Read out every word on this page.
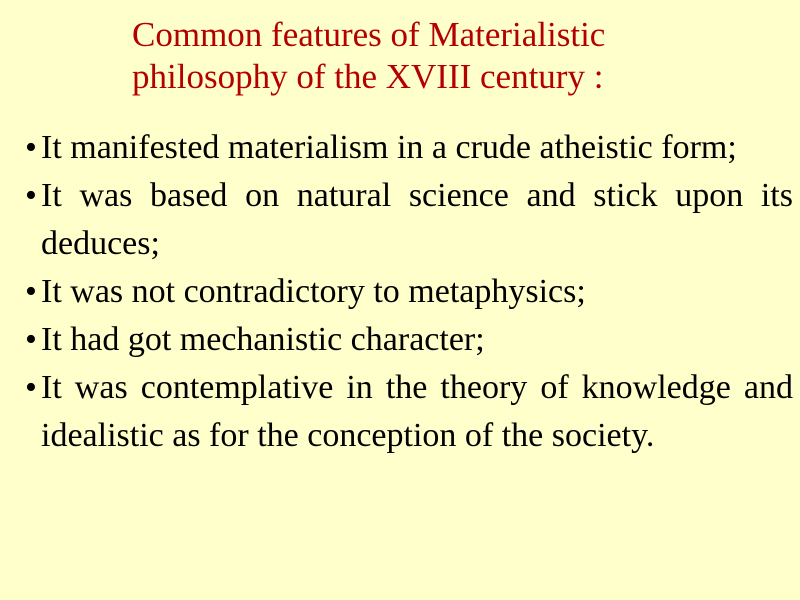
Common features of Materialistic
philosophy of the XVIII century :
• It manifested materialism in a crude atheistic form;
• It was based on natural science and stick upon its deduces;
• It was not contradictory to metaphysics;
• It had got mechanistic character;
• It was contemplative in the theory of knowledge and idealistic as for the conception of the society.
